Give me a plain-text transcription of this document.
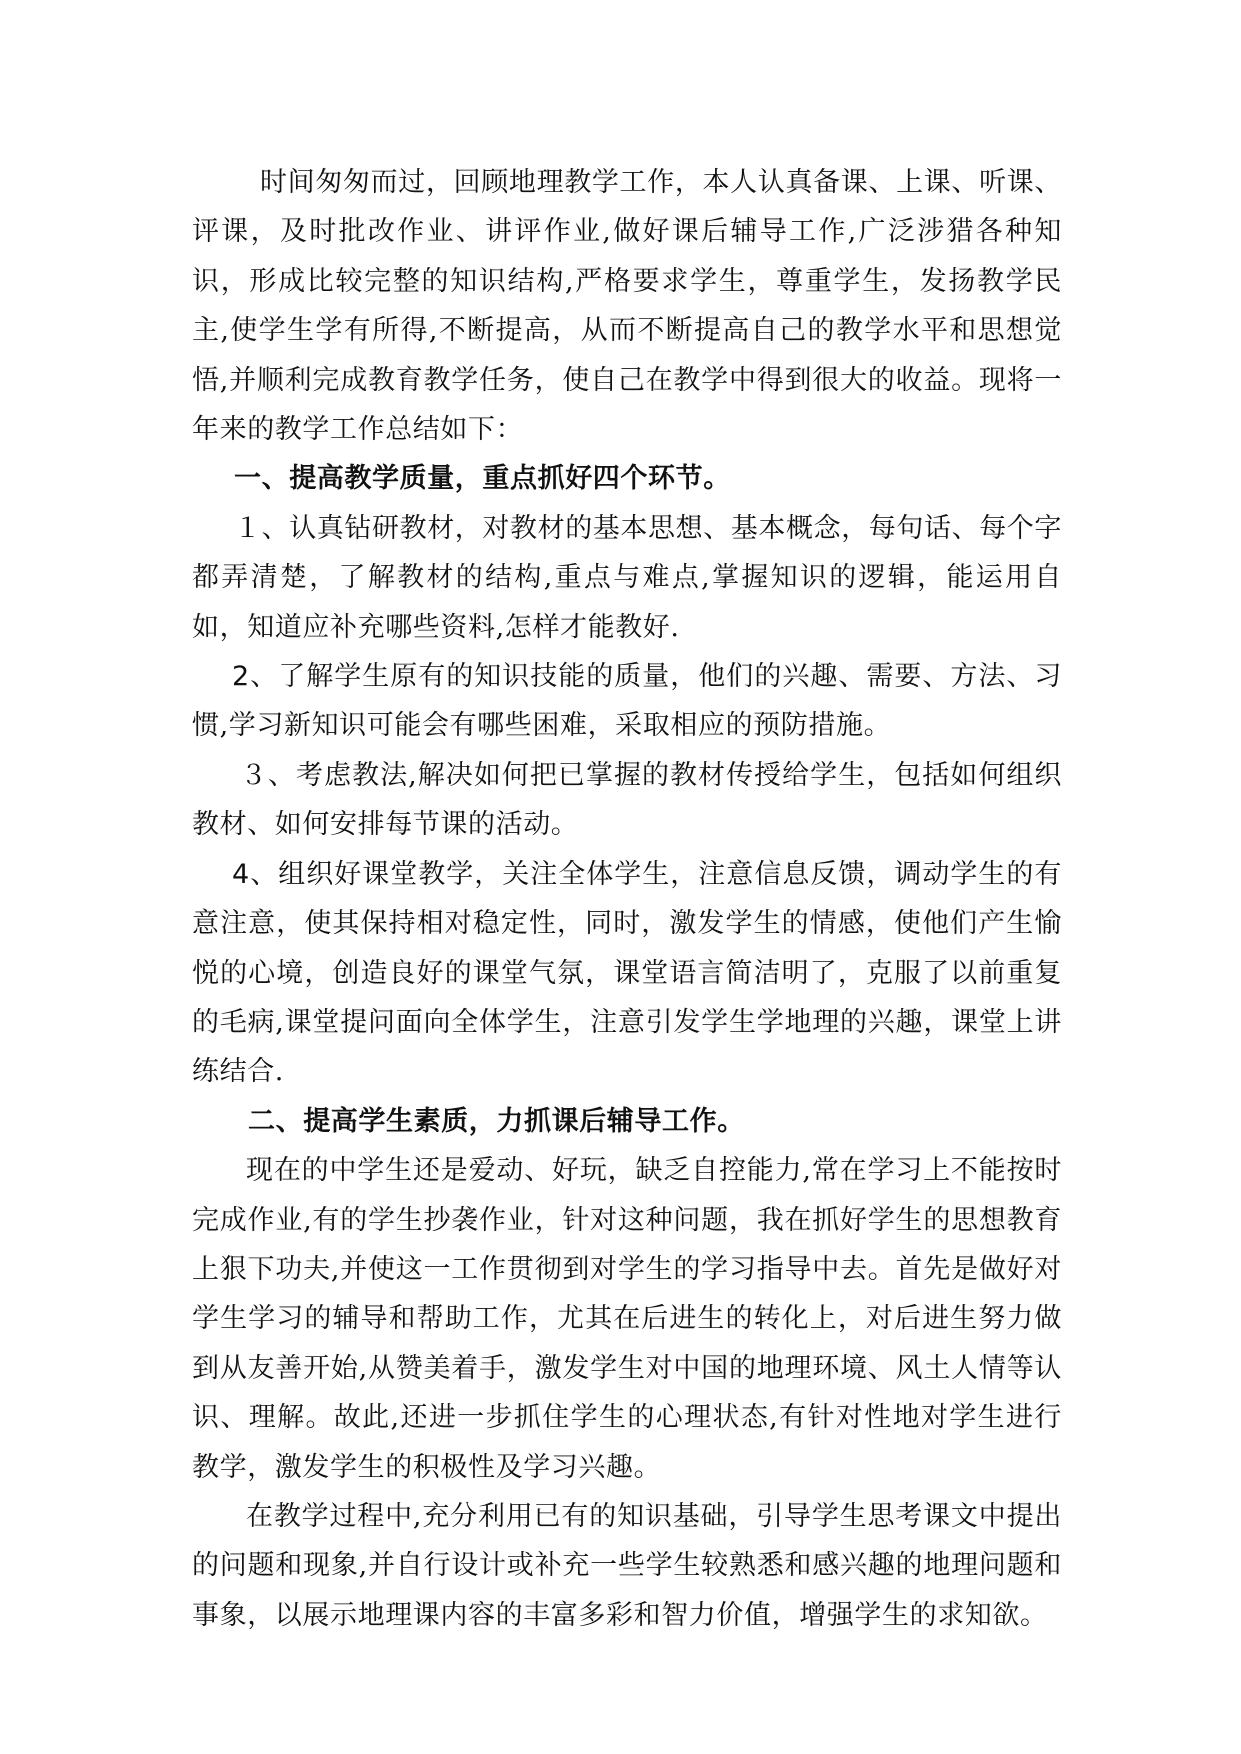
时间匆匆而过，回顾地理教学工作，本人认真备课、上课、听课、评课，及时批改作业、讲评作业,做好课后辅导工作,广泛涉猎各种知识，形成比较完整的知识结构,严格要求学生，尊重学生，发扬教学民主,使学生学有所得,不断提高，从而不断提高自己的教学水平和思想觉悟,并顺利完成教育教学任务，使自己在教学中得到很大的收益。现将一年来的教学工作总结如下：

一、提高教学质量，重点抓好四个环节。

１、认真钻研教材，对教材的基本思想、基本概念，每句话、每个字都弄清楚，了解教材的结构,重点与难点,掌握知识的逻辑，能运用自如，知道应补充哪些资料,怎样才能教好.

2、了解学生原有的知识技能的质量，他们的兴趣、需要、方法、习惯,学习新知识可能会有哪些困难，采取相应的预防措施。

３、考虑教法,解决如何把已掌握的教材传授给学生，包括如何组织教材、如何安排每节课的活动。

4、组织好课堂教学，关注全体学生，注意信息反馈，调动学生的有意注意，使其保持相对稳定性，同时，激发学生的情感，使他们产生愉悦的心境，创造良好的课堂气氛，课堂语言简洁明了，克服了以前重复的毛病,课堂提问面向全体学生，注意引发学生学地理的兴趣，课堂上讲练结合.

二、提高学生素质，力抓课后辅导工作。

现在的中学生还是爱动、好玩，缺乏自控能力,常在学习上不能按时完成作业,有的学生抄袭作业，针对这种问题，我在抓好学生的思想教育上狠下功夫,并使这一工作贯彻到对学生的学习指导中去。首先是做好对学生学习的辅导和帮助工作，尤其在后进生的转化上，对后进生努力做到从友善开始,从赞美着手，激发学生对中国的地理环境、风土人情等认识、理解。故此,还进一步抓住学生的心理状态,有针对性地对学生进行教学，激发学生的积极性及学习兴趣。

在教学过程中,充分利用已有的知识基础，引导学生思考课文中提出的问题和现象,并自行设计或补充一些学生较熟悉和感兴趣的地理问题和事象，以展示地理课内容的丰富多彩和智力价值，增强学生的求知欲。
